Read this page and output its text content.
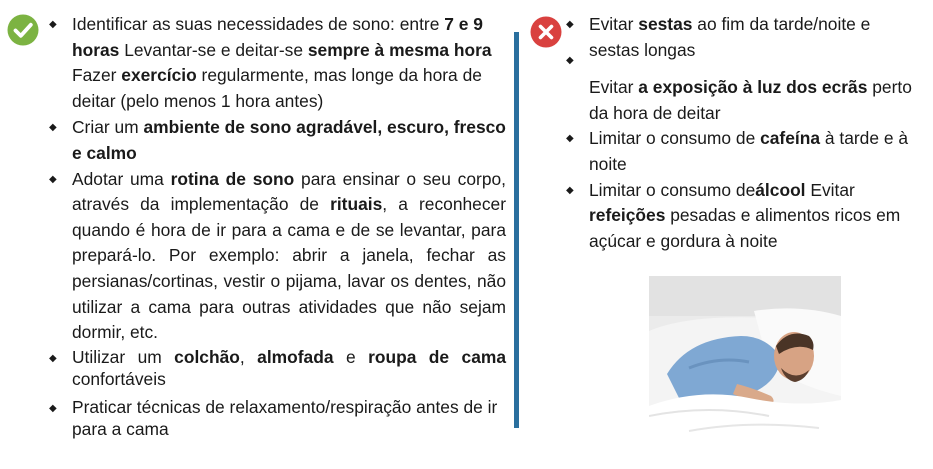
◆ Identificar as suas necessidades de sono: entre 7 e 9 horas Levantar-se e deitar-se sempre à mesma hora Fazer exercício regularmente, mas longe da hora de deitar (pelo menos 1 hora antes)
◆ Criar um ambiente de sono agradável, escuro, fresco e calmo
◆ Adotar uma rotina de sono para ensinar o seu corpo, através da implementação de rituais, a reconhecer quando é hora de ir para a cama e de se levantar, para prepará-lo. Por exemplo: abrir a janela, fechar as persianas/cortinas, vestir o pijama, lavar os dentes, não utilizar a cama para outras atividades que não sejam dormir, etc.
◆ Utilizar um colchão, almofada e roupa de cama confortáveis
◆ Praticar técnicas de relaxamento/respiração antes de ir para a cama
◆ Evitar sestas ao fim da tarde/noite e sestas longas
Evitar a exposição à luz dos ecrãs perto da hora de deitar
◆ Limitar o consumo de cafeína à tarde e à noite
◆ Limitar o consumo deálcool Evitar refeições pesadas e alimentos ricos em açúcar e gordura à noite
◆
